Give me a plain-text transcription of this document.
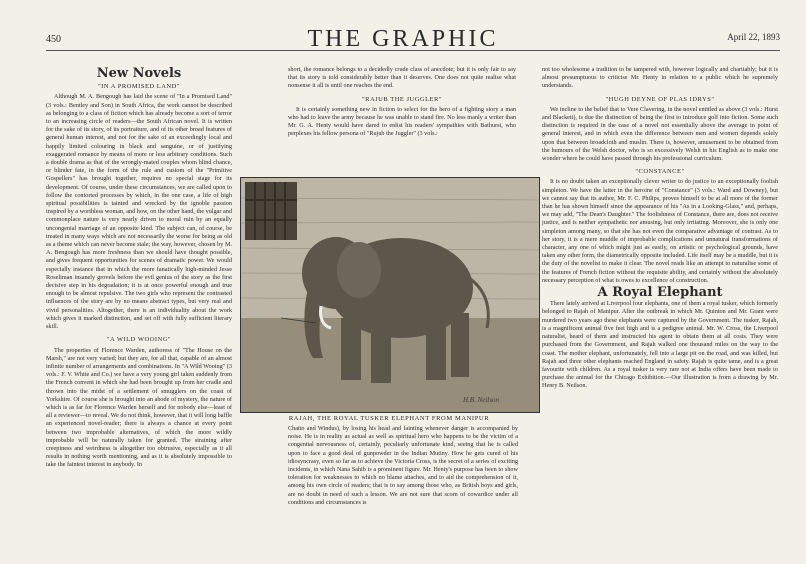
450	THE GRAPHIC	April 22, 1893
New Novels
"IN A PROMISED LAND"

Although M. A. Bengough has laid the scene of "In a Promised Land" (3 vols.: Bentley and Son) in South Africa, the work cannot be described as belonging to a class of fiction which has already become a sort of terror to an increasing circle of readers—the South African novel. It is written for the sake of its story, of its portraiture, and of its other broad features of general human interest, and not for the sake of an exceedingly local and happily limited colouring in black and sanguine, or of justifying exaggerated romance by means of more or less arbitrary conditions. Such a double drama as that of the wrongly-mated couples whom blind chance, or blinder fate, in the form of the rule and custom of the "Primitive Gospellers" has brought together, requires no special stage for its development. Of course, under these circumstances, we are called upon to follow the contorted processes by which, in the one case, a life of high spiritual possibilities is tainted and wrecked by the ignoble passion inspired by a worthless woman, and how, on the other hand, the vulgar and commonplace nature is very nearly driven to moral ruin by an equally uncongenial marriage of an opposite kind. The subject can, of course, be treated in many ways which are not necessarily the worse for being as old as a theme which can never become stale; the way, however, chosen by M. A. Bengough has more freshness than we should have thought possible, and gives frequent opportunities for scenes of dramatic power. We would especially instance that in which the more fanatically high-minded Jesse Roseliman insanely grovels before the evil genius of the story as the first decisive step in his degradation; it is at once powerful enough and true enough to be almost repulsive. The two girls who represent the contrasted influences of the story are by no means abstract types, but very real and vivid personalities. Altogether, there is an individuality about the work which gives it marked distinction, and set off with fully sufficient literary skill.

"A WILD WOOING"

The properties of Florence Warden, authoress of "The House on the Marsh," are not very varied; but they are, for all that, capable of an almost infinite number of arrangements and combinations. In "A Wild Wooing" (3 vols.: F. V. White and Co.) we have a very young girl taken suddenly from the French convent in which she had been brought up from her cradle and thrown into the midst of a settlement of smugglers on the coast of Yorkshire. Of course she is brought into an abode of mystery, the nature of which is as far for Florence Warden herself and for nobody else—least of all a reviewer—to reveal. We do not think, however, that it will long baffle an experienced novel-reader; there is always a chance at every point between two improbable alternatives, of which the more wildly improbable will be naturally taken for granted. The straining after creepiness and weirdness is altogether too obtrusive, especially as it all results in nothing worth mentioning, and as it is absolutely impossible to take the faintest interest in anybody. In

short, the romance belongs to a decidedly crude class of anecdote; but it is only fair to say that its story is told considerably better than it deserves. One does not quite realise what nonsense it all is until one reaches the end.

"RAJUB THE JUGGLER"

It is certainly something new in fiction to select for the hero of a fighting story a man who had to leave the army because he was unable to stand fire. No less manly a writer than Mr. G. A. Henty would have dared to enlist his readers' sympathies with Bathurst, who perplexes his fellow persona of "Rujub the Juggler" (3 vols.:

not too wholesome a tradition to be tampered with, however logically and charitably; but it is almost presumptuous to criticise Mr. Henty in relation to a public which he supremely understands.

"HUGH DEYNE OF PLAS IDRYS"

We incline to the belief that to Vere Clavering, in the novel entitled as above (3 vols.: Hurst and Blackett), is due the distinction of being the first to introduce golf into fiction. Some such distinction is required in the case of a novel not essentially above the average in point of general interest, and in which even the difference between men and women depends solely upon that between broadcloth and muslin. There is, however, amusement to be obtained from the humours of the Welsh doctor, who is so excessively Welsh in his English as to make one wonder where he could have passed through his professional curriculum.

"CONSTANCE"

It is no doubt taken an exceptionally clever writer to do justice to an exceptionally foolish simpleton. We have the latter in the heroine of "Constance" (3 vols.: Ward and Downey), but we cannot say that its author, Mr. F. C. Philips, proves himself to be at all more of the former than he has shown himself since the appearance of his "As in a Looking-Glass," and, perhaps, we may add, "The Dean's Daughter." The foolishness of Constance, there are, does not receive justice, and is neither sympathetic nor amusing, but only irritating. Moreover, she is only one simpleton among many, so that she has not even the comparative advantage of contrast. As to her story, it is a mere muddle of improbable complications and unnatural transformations of character, any one of which might just as easily, on artistic or psychological grounds, have taken any other form, the diametrically opposite included. Life itself may be a muddle, but it is the duty of the novelist to make it clear. The novel reads like an attempt to naturalise some of the features of French fiction without the requisite ability, and certainly without the absolutely necessary perception of what is owes to excellence of construction.

A Royal Elephant

There lately arrived at Liverpool four elephants, one of them a royal tusker, which formerly belonged to Rajah of Manipur. After the outbreak in which Mr. Quinton and Mr. Grant were murdered two years ago these elephants were captured by the Government. The tusker, Rajah, is a magnificent animal five feet high and is a pedigree animal. Mr. W. Cross, the Liverpool naturalist, heard of them and instructed his agent to obtain them at all costs. They were purchased from the Government, and Rajah walked one thousand miles on the way to the coast. The mother elephant, unfortunately, fell into a large pit on the road, and was killed, but Rajah and three other elephants reached England in safety. Rajah is quite tame, and is a great favourite with children. As a royal tusker is very rare not at India offers have been made to purchase the animal for the Chicago Exhibition.—Our illustration is from a drawing by Mr. Henry B. Neilson.

H.B. Neilson
RAJAH, THE ROYAL TUSKER ELEPHANT FROM MANIPUR

Chatto and Windus), by losing his head and fainting whenever danger is accompanied by noise. He is in reality as actual as well as spiritual hero who happens to be the victim of a congenital nervousness of, certainly, peculiarly unfortunate kind, seeing that he is called upon to face a good deal of gunpowder in the Indian Mutiny. How he gets cured of his idiosyncrasy, even so far as to achieve the Victoria Cross, is the secret of a series of exciting incidents, in which Nana Sahib is a prominent figure. Mr. Henty's purpose has been to show toleration for weaknesses to which no blame attaches, and to aid the comprehension of it, among his own circle of readers; that is to say among those who, as British boys and girls, are no doubt in need of such a lesson. We are not sure that scorn of cowardice under all conditions and circumstances is
